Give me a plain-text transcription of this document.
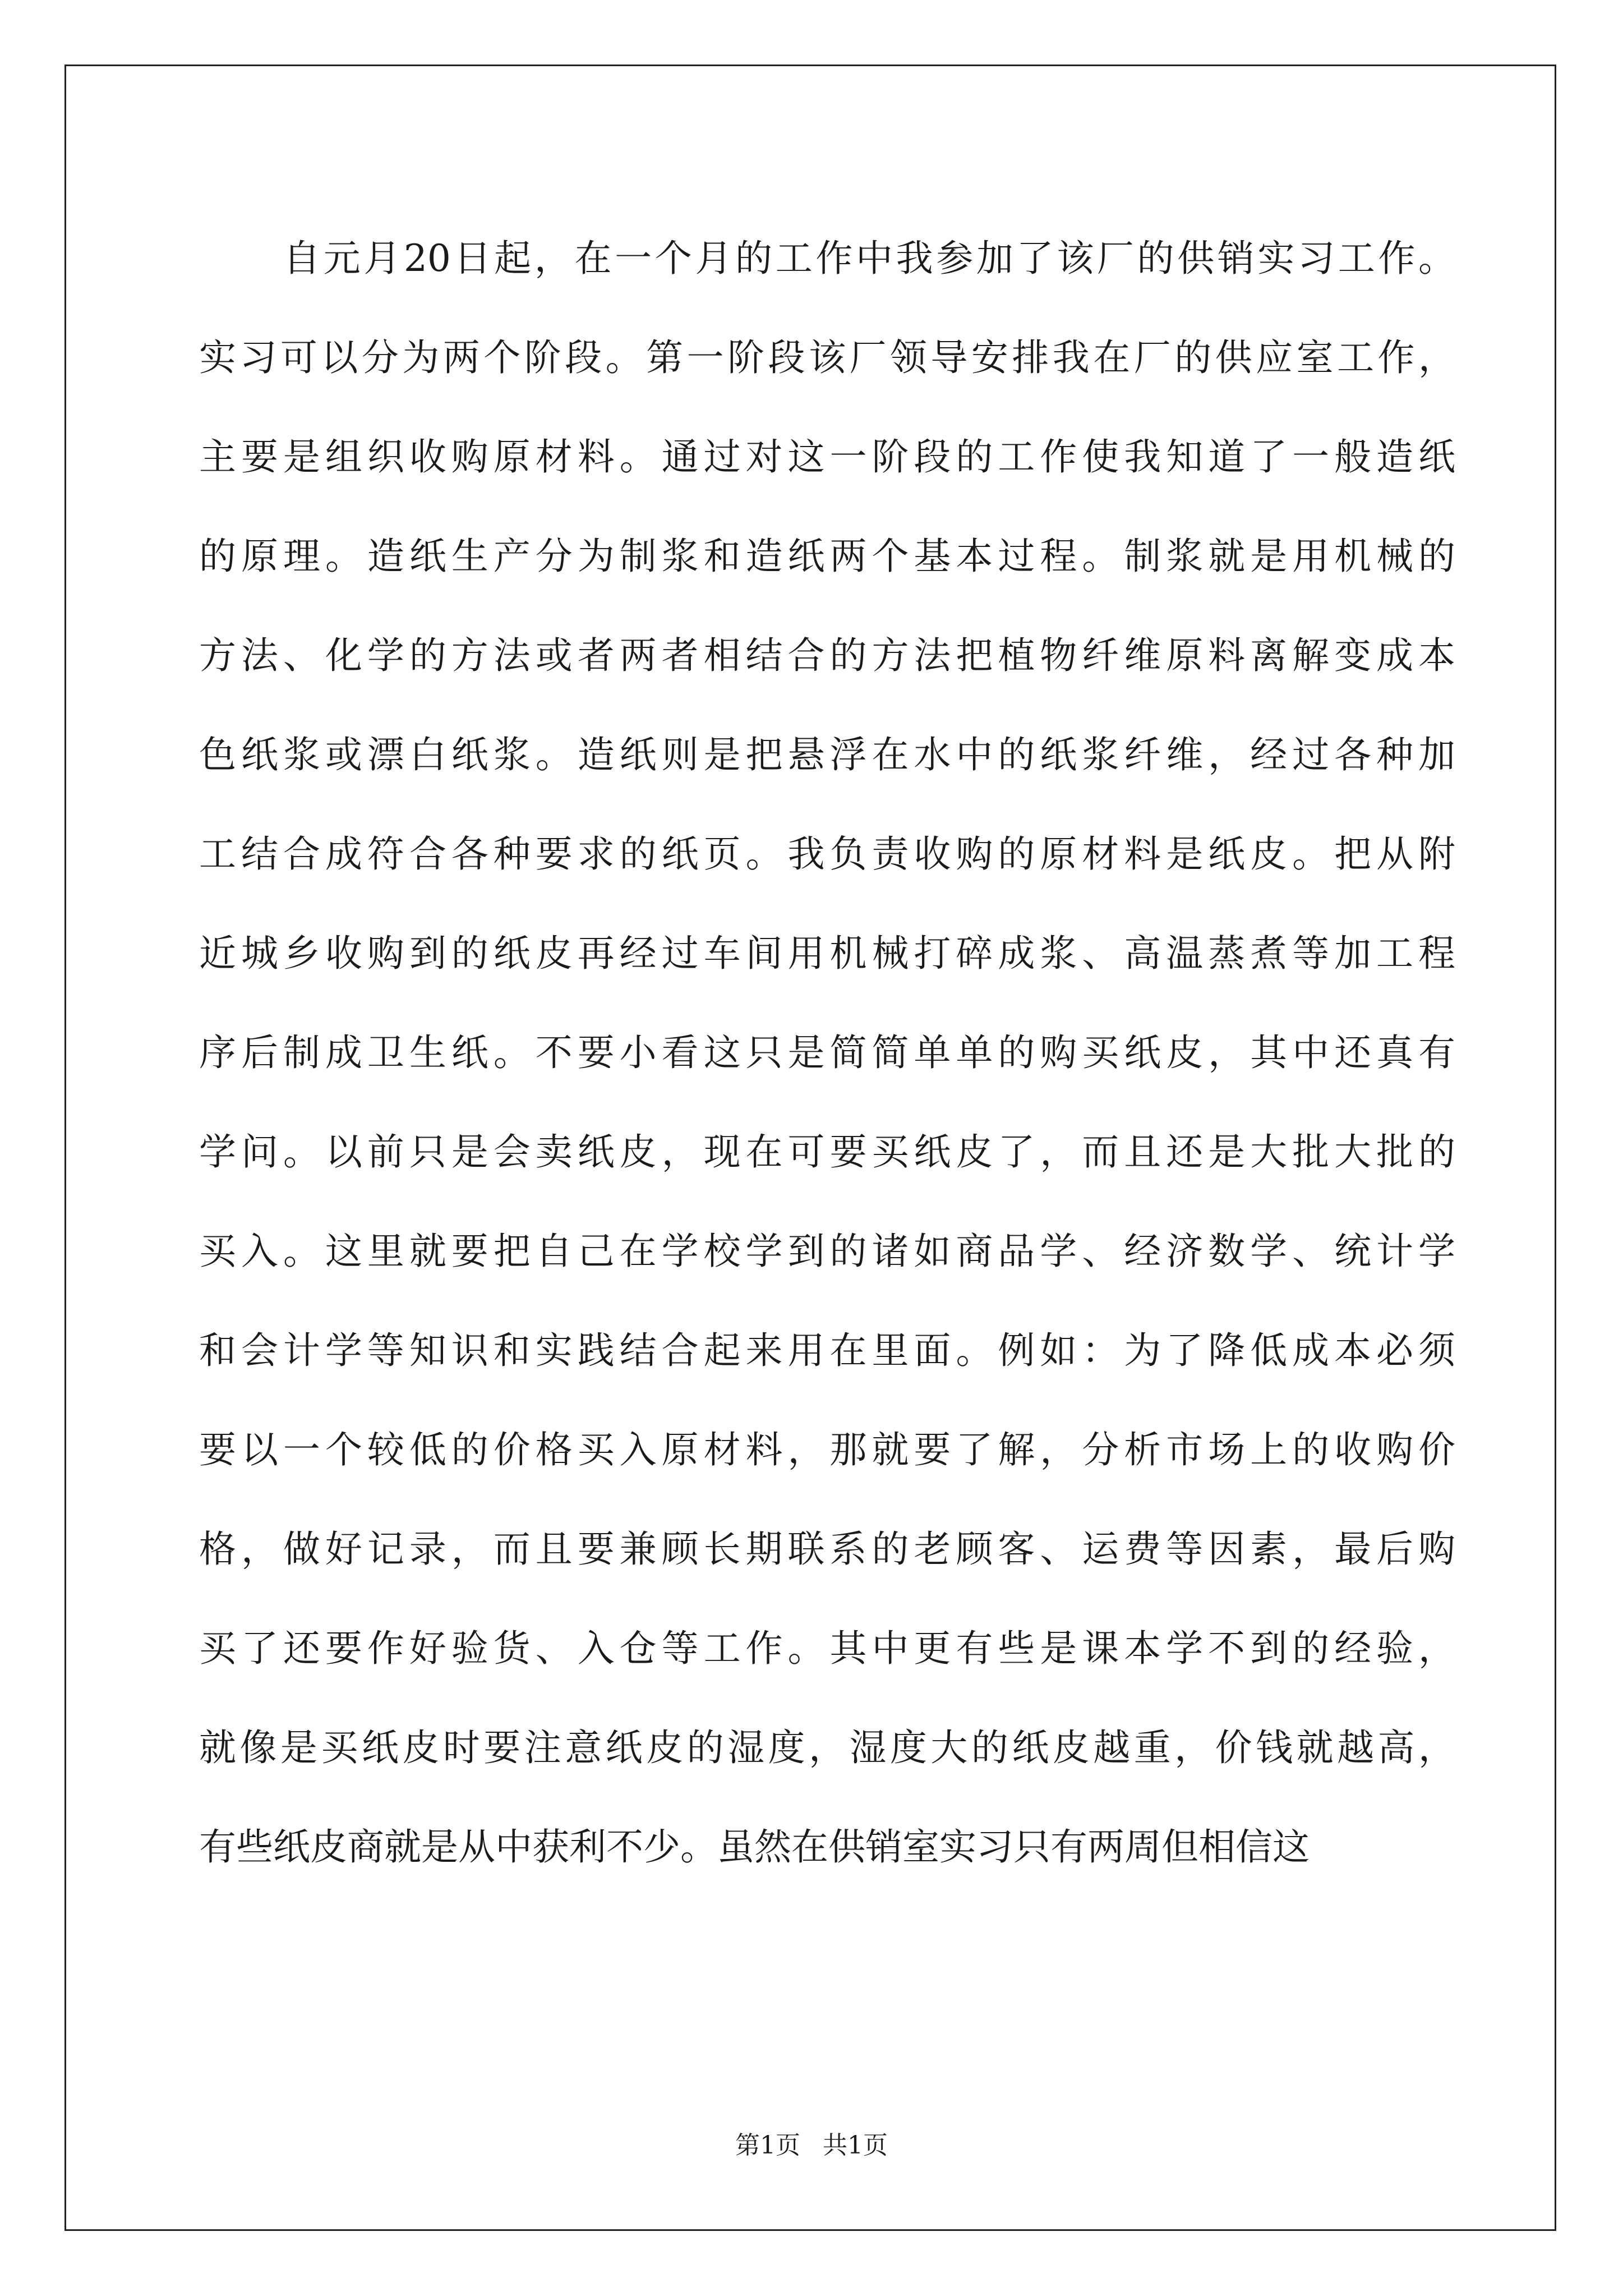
自元月20日起，在一个月的工作中我参加了该厂的供销实习工作。
实习可以分为两个阶段。第一阶段该厂领导安排我在厂的供应室工作，
主要是组织收购原材料。通过对这一阶段的工作使我知道了一般造纸
的原理。造纸生产分为制浆和造纸两个基本过程。制浆就是用机械的
方法、化学的方法或者两者相结合的方法把植物纤维原料离解变成本
色纸浆或漂白纸浆。造纸则是把悬浮在水中的纸浆纤维，经过各种加
工结合成符合各种要求的纸页。我负责收购的原材料是纸皮。把从附
近城乡收购到的纸皮再经过车间用机械打碎成浆、高温蒸煮等加工程
序后制成卫生纸。不要小看这只是简简单单的购买纸皮，其中还真有
学问。以前只是会卖纸皮，现在可要买纸皮了，而且还是大批大批的
买入。这里就要把自己在学校学到的诸如商品学、经济数学、统计学
和会计学等知识和实践结合起来用在里面。例如：为了降低成本必须
要以一个较低的价格买入原材料，那就要了解，分析市场上的收购价
格，做好记录，而且要兼顾长期联系的老顾客、运费等因素，最后购
买了还要作好验货、入仓等工作。其中更有些是课本学不到的经验，
就像是买纸皮时要注意纸皮的湿度，湿度大的纸皮越重，价钱就越高，
有些纸皮商就是从中获利不少。虽然在供销室实习只有两周但相信这
第1页 共1页
